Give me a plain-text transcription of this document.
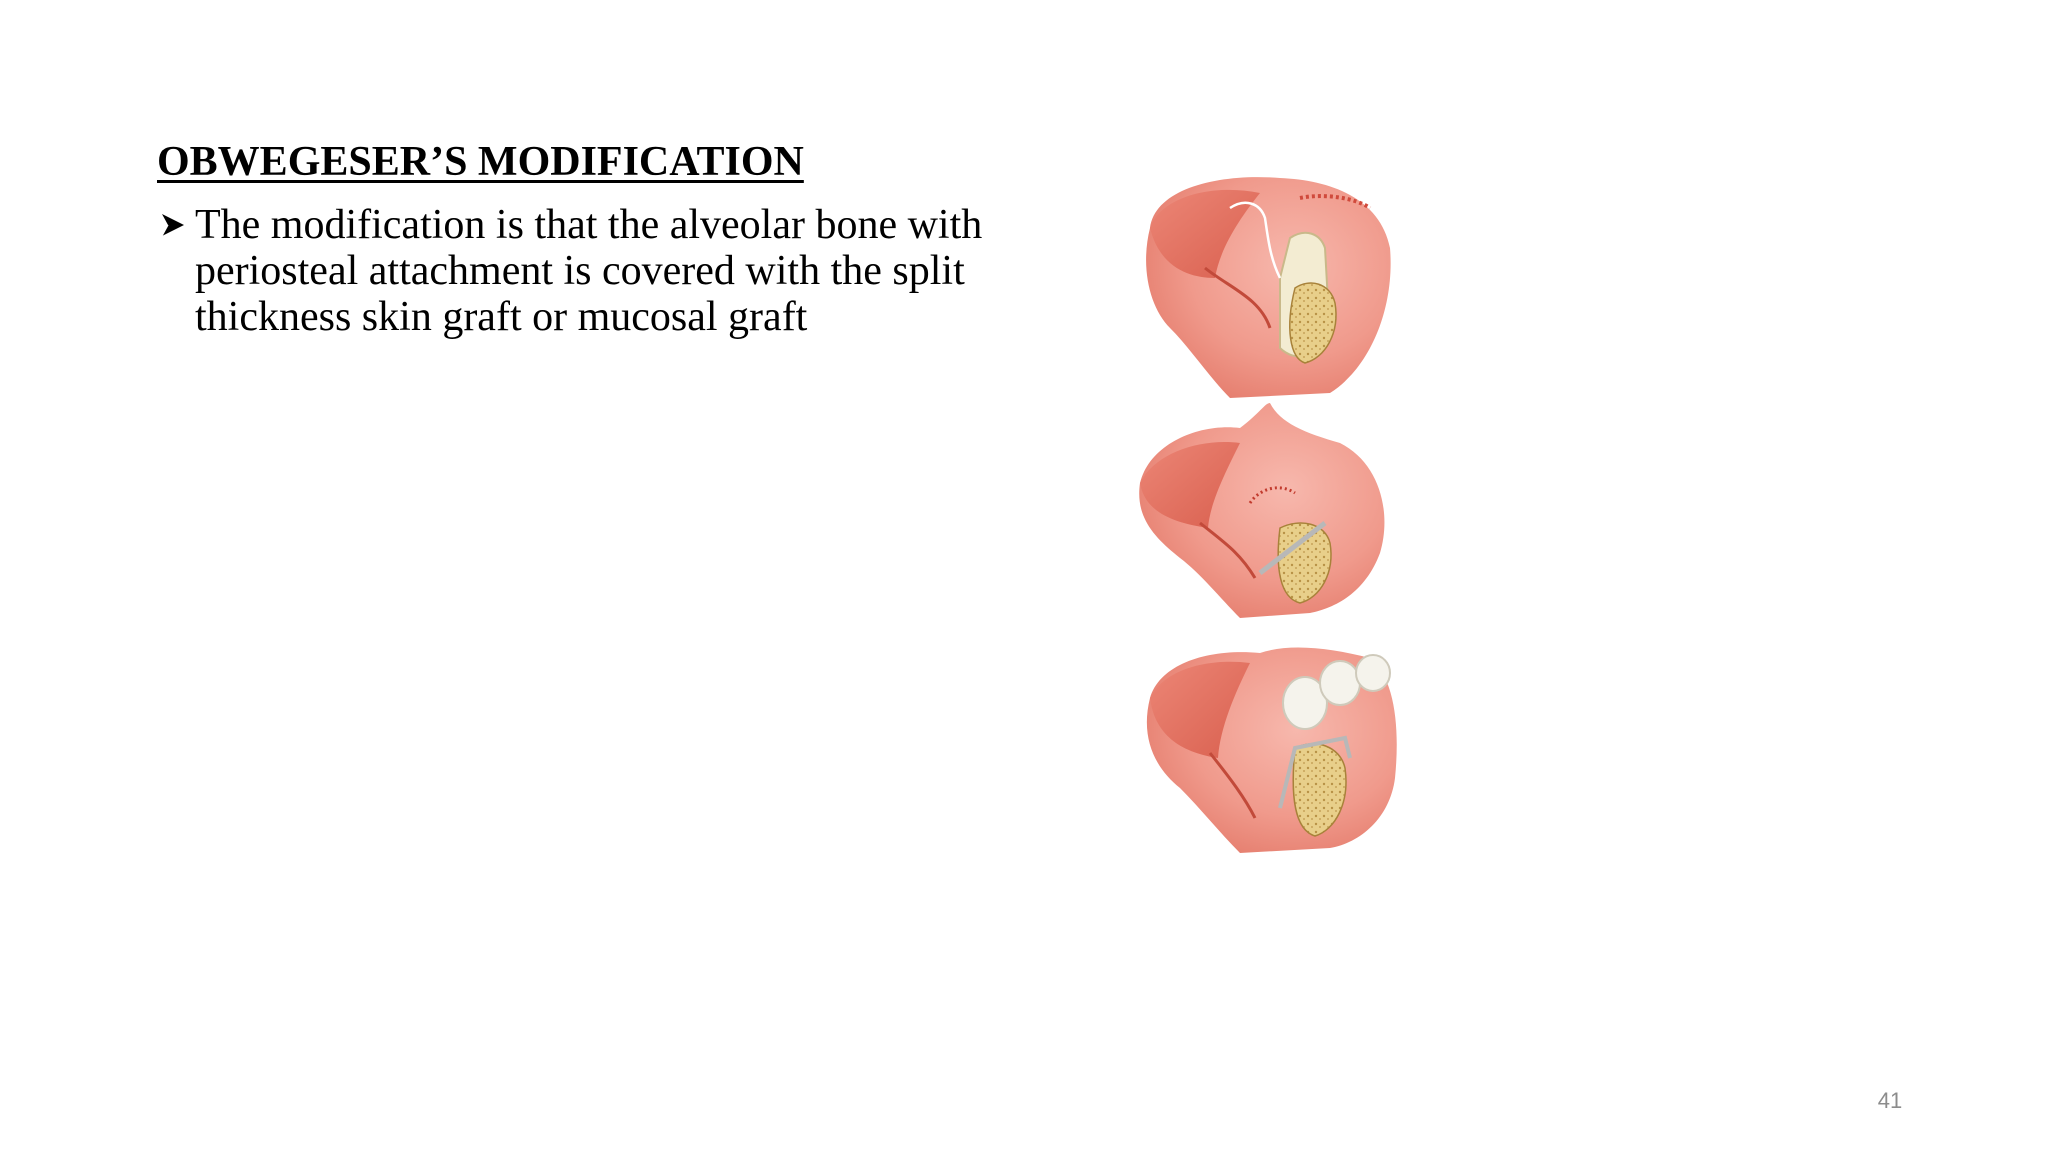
OBWEGESER’S MODIFICATION
The modification is that the alveolar bone with
periosteal attachment is covered with the split
thickness skin graft or mucosal graft
41
